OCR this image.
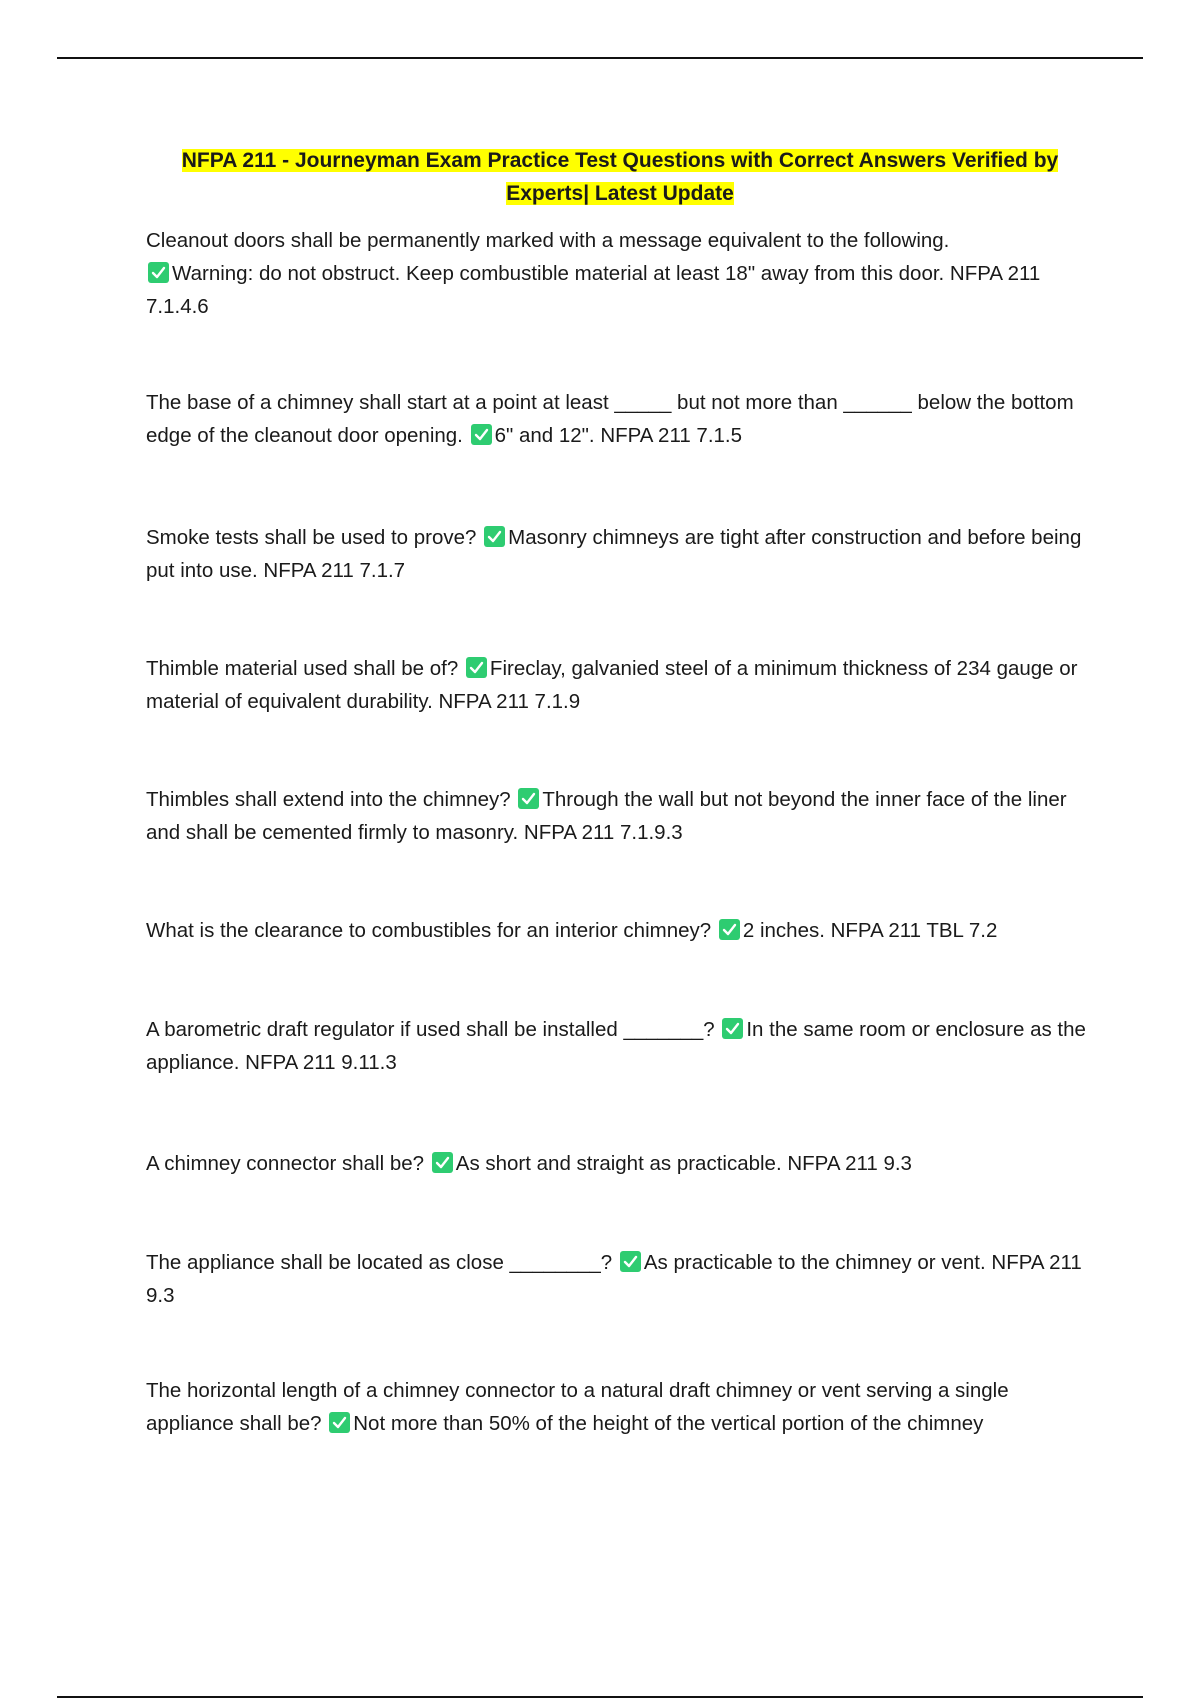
NFPA 211 - Journeyman Exam Practice Test Questions with Correct Answers Verified by
Experts| Latest Update
Cleanout doors shall be permanently marked with a message equivalent to the following.

Warning: do not obstruct. Keep combustible material at least 18" away from this door. NFPA 211 7.1.4.6
The base of a chimney shall start at a point at least _____ but not more than ______ below the bottom edge of the cleanout door opening. 6" and 12". NFPA 211 7.1.5
Smoke tests shall be used to prove? Masonry chimneys are tight after construction and before being put into use. NFPA 211 7.1.7
Thimble material used shall be of? Fireclay, galvanied steel of a minimum thickness of 234 gauge or material of equivalent durability. NFPA 211 7.1.9
Thimbles shall extend into the chimney? Through the wall but not beyond the inner face of the liner and shall be cemented firmly to masonry. NFPA 211 7.1.9.3
What is the clearance to combustibles for an interior chimney? 2 inches. NFPA 211 TBL 7.2
A barometric draft regulator if used shall be installed _______? In the same room or enclosure as the appliance. NFPA 211 9.11.3
A chimney connector shall be? As short and straight as practicable. NFPA 211 9.3
The appliance shall be located as close ________? As practicable to the chimney or vent. NFPA 211 9.3
The horizontal length of a chimney connector to a natural draft chimney or vent serving a single appliance shall be? Not more than 50% of the height of the vertical portion of the chimney
